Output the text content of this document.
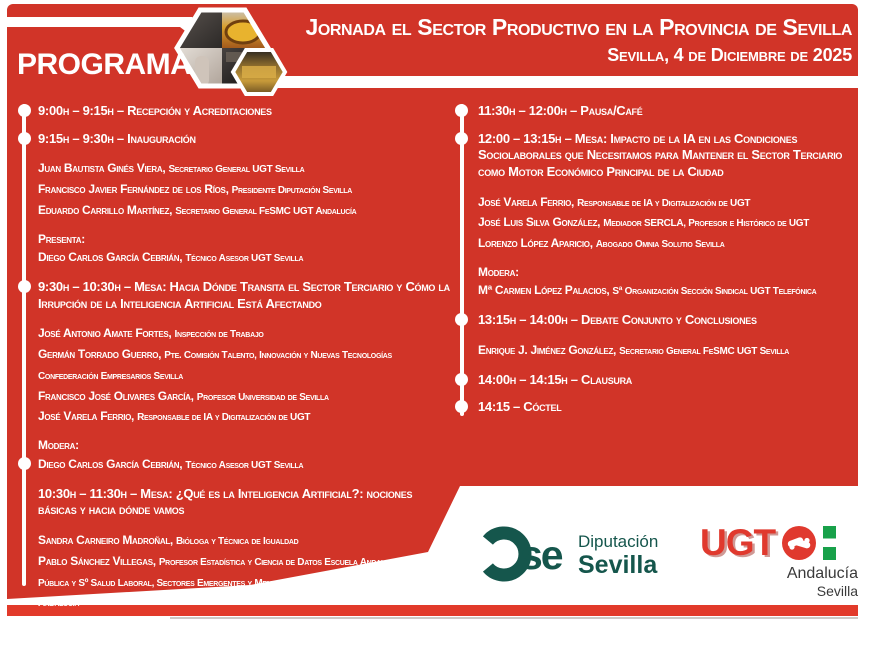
PROGRAMA
Jornada el Sector Productivo en la Provincia de Sevilla
Sevilla, 4 de Diciembre de 2025
9:00h – 9:15h – Recepción y Acreditaciones
9:15h – 9:30h – Inauguración
Juan Bautista Ginés Viera, Secretario General UGT Sevilla
Francisco Javier Fernández de los Ríos, Presidente Diputación Sevilla
Eduardo Carrillo Martínez, Secretario General FeSMC UGT Andalucía
Presenta:
Diego Carlos García Cebrián, Técnico Asesor UGT Sevilla
9:30h – 10:30h – Mesa: Hacia Dónde Transita el Sector Terciario y Cómo la Irrupción de la Inteligencia Artificial Está Afectando
José Antonio Amate Fortes, Inspección de Trabajo
Germán Torrado Guerro, Pte. Comisión Talento, Innovación y Nuevas Tecnologías Confederación Empresarios Sevilla
Francisco José Olivares García, Profesor Universidad de Sevilla
José Varela Ferrio, Responsable de IA y Digitalización de UGT
Modera:
Diego Carlos García Cebrián, Técnico Asesor UGT Sevilla
10:30h – 11:30h – Mesa: ¿Qué es la Inteligencia Artificial?: nociones básicas y hacia dónde vamos
Sandra Carneiro Madroñal, Bióloga y Técnica de Igualdad
Pablo Sánchez Villegas, Profesor Estadística y Ciencia de Datos Escuela Andaluza de Salud Pública y Sº Salud Laboral, Sectores Emergentes y Memoria Histórica y Democrática UGT Andalucía
Modera:
Luisa Ávila González, Sº Igualdad y Formación FeSMC UGT Andalucía
11:30h – 12:00h – Pausa/Café
12:00 – 13:15h – Mesa: Impacto de la IA en las Condiciones Sociolaborales que Necesitamos para Mantener el Sector Terciario como Motor Económico Principal de la Ciudad
José Varela Ferrio, Responsable de IA y Digitalización de UGT
José Luis Silva González, Mediador SERCLA, Profesor e Histórico de UGT
Lorenzo López Aparicio, Abogado Omnia Solutio Sevilla
Modera:
Mª Carmen López Palacios, Sª Organización Sección Sindical UGT Telefónica
13:15h – 14:00h – Debate Conjunto y Conclusiones
Enrique J. Jiménez González, Secretario General FeSMC UGT Sevilla
14:00h – 14:15h – Clausura
14:15 – Cóctel
se Diputación
Sevilla
UGT
Andalucía
Sevilla
